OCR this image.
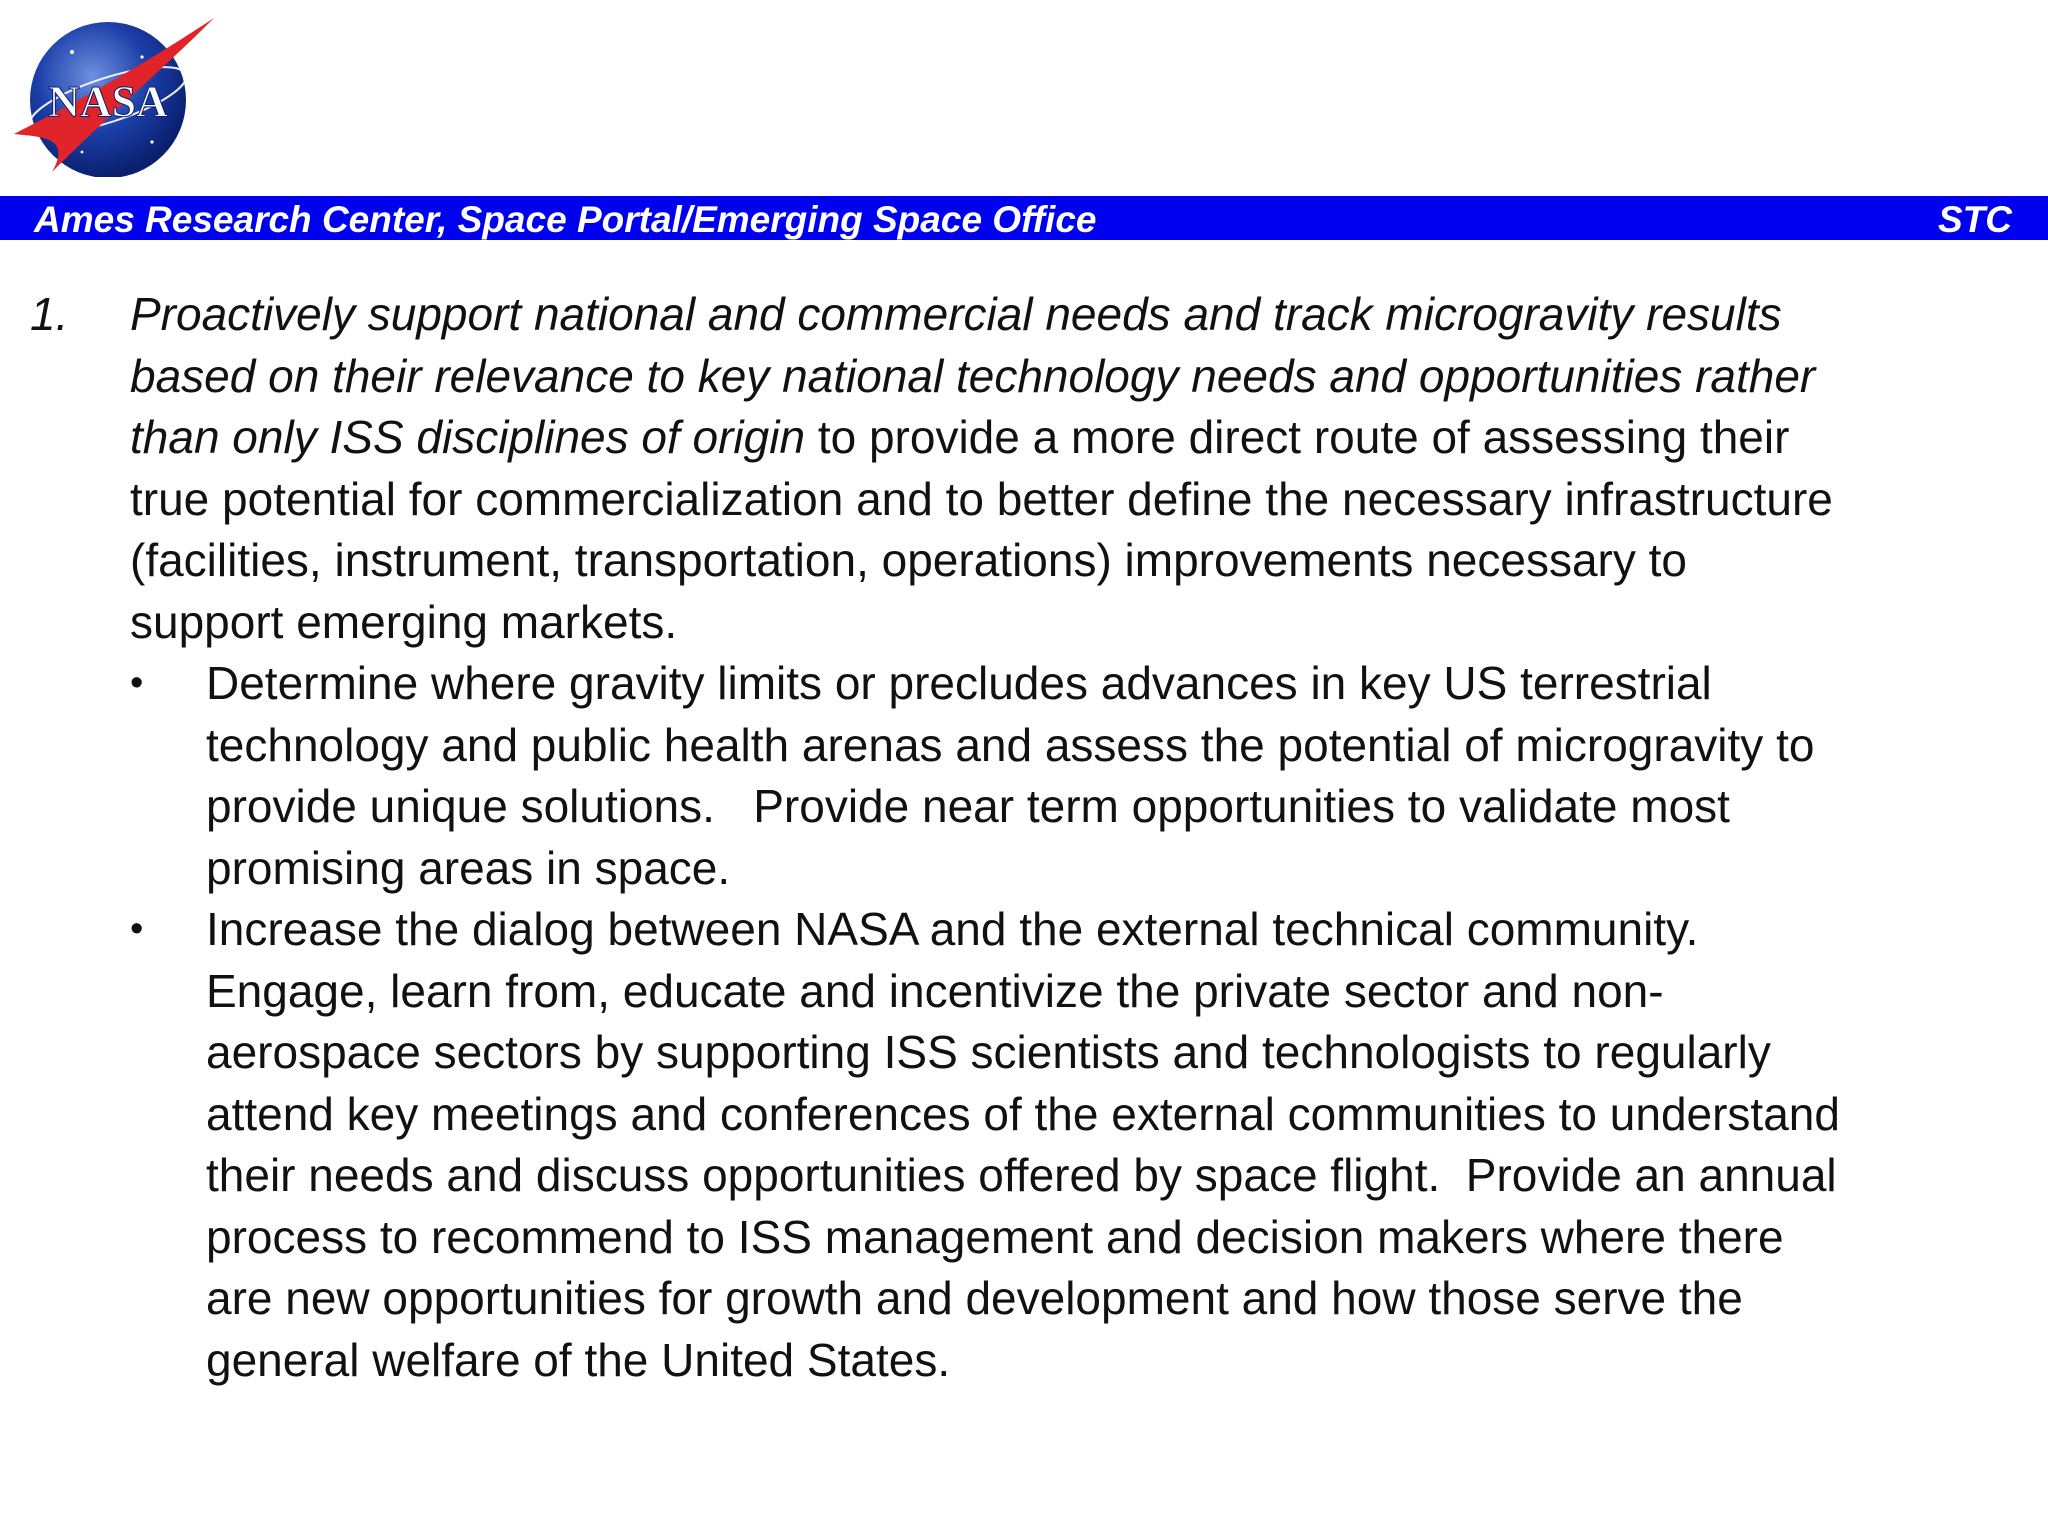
NASA
Ames Research Center, Space Portal/Emerging Space Office	STC
1. Proactively support national and commercial needs and track microgravity results
based on their relevance to key national technology needs and opportunities rather
than only ISS disciplines of origin to provide a more direct route of assessing their
true potential for commercialization and to better define the necessary infrastructure
(facilities, instrument, transportation, operations) improvements necessary to
support emerging markets.
• Determine where gravity limits or precludes advances in key US terrestrial
technology and public health arenas and assess the potential of microgravity to
provide unique solutions.   Provide near term opportunities to validate most
promising areas in space.
• Increase the dialog between NASA and the external technical community.
Engage, learn from, educate and incentivize the private sector and non-
aerospace sectors by supporting ISS scientists and technologists to regularly
attend key meetings and conferences of the external communities to understand
their needs and discuss opportunities offered by space flight.  Provide an annual
process to recommend to ISS management and decision makers where there
are new opportunities for growth and development and how those serve the
general welfare of the United States.
